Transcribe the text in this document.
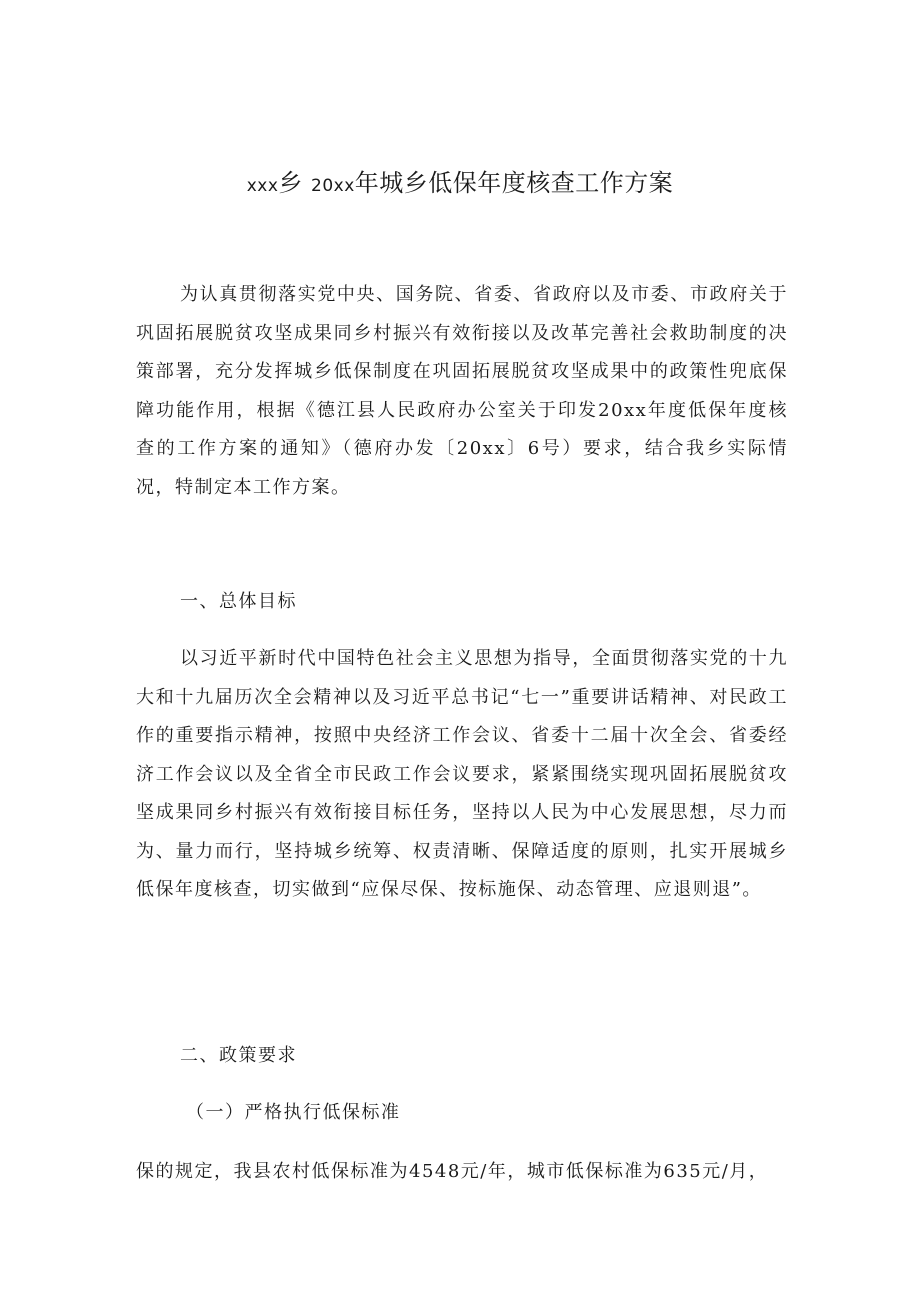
xxx乡 20xx年城乡低保年度核查工作方案

为认真贯彻落实党中央、国务院、省委、省政府以及市委、市政府关于巩固拓展脱贫攻坚成果同乡村振兴有效衔接以及改革完善社会救助制度的决策部署，充分发挥城乡低保制度在巩固拓展脱贫攻坚成果中的政策性兜底保障功能作用，根据《德江县人民政府办公室关于印发20xx年度低保年度核查的工作方案的通知》（德府办发〔20xx〕6号）要求，结合我乡实际情况，特制定本工作方案。

一、总体目标

以习近平新时代中国特色社会主义思想为指导，全面贯彻落实党的十九大和十九届历次全会精神以及习近平总书记“七一”重要讲话精神、对民政工作的重要指示精神，按照中央经济工作会议、省委十二届十次全会、省委经济工作会议以及全省全市民政工作会议要求，紧紧围绕实现巩固拓展脱贫攻坚成果同乡村振兴有效衔接目标任务，坚持以人民为中心发展思想，尽力而为、量力而行，坚持城乡统筹、权责清晰、保障适度的原则，扎实开展城乡低保年度核查，切实做到“应保尽保、按标施保、动态管理、应退则退”。

二、政策要求

（一）严格执行低保标准

保的规定，我县农村低保标准为4548元/年，城市低保标准为635元/月，
